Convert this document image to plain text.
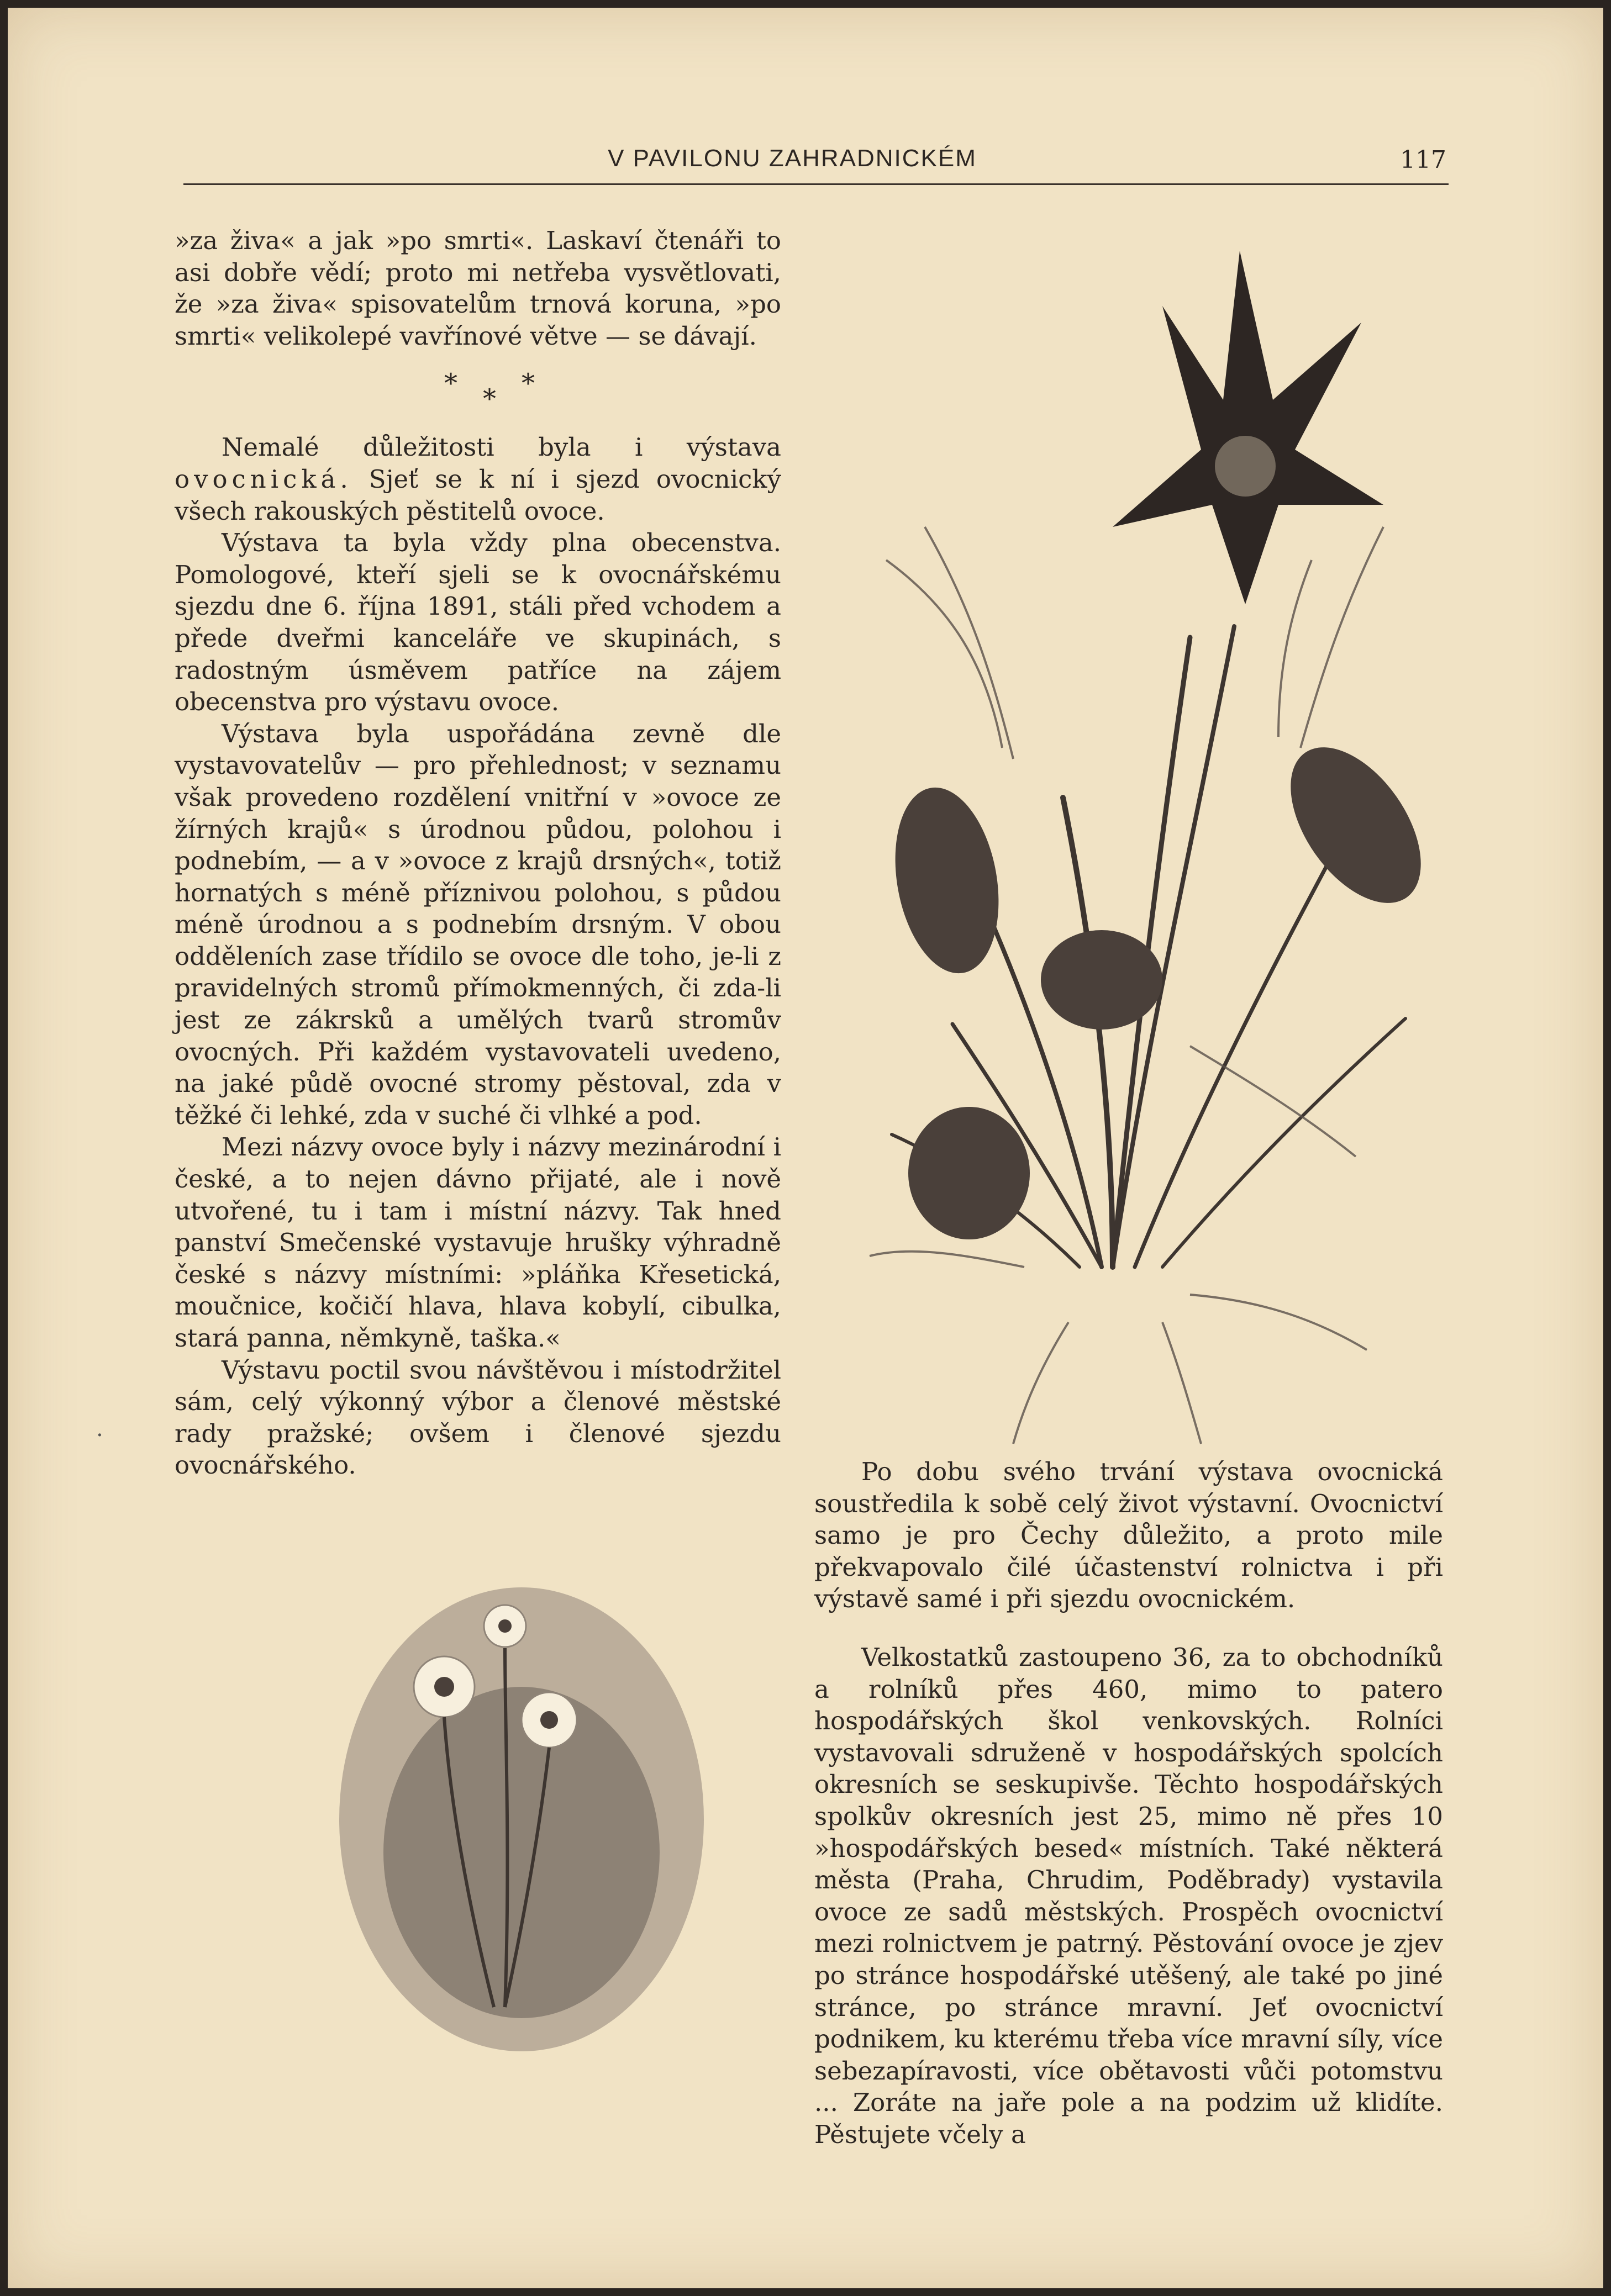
V PAVILONU ZAHRADNICKÉM	117

»za živa« a jak »po smrti«. Laskaví čtenáři to asi dobře vědí; proto mi netřeba vysvětlovati, že »za živa« spisovatelům trnová koruna, »po smrti« velikolepé vavřínové větve — se dávají.

Nemalé důležitosti byla i výstava ovocnická. Sjeť se k ní i sjezd ovocnický všech rakouských pěstitelů ovoce.

Výstava ta byla vždy plna obecenstva. Pomologové, kteří sjeli se k ovocnářskému sjezdu dne 6. října 1891, stáli před vchodem a přede dveřmi kanceláře ve skupinách, s radostným úsměvem patříce na zájem obecenstva pro výstavu ovoce.

Výstava byla uspořádána zevně dle vystavovatelův — pro přehlednost; v seznamu však provedeno rozdělení vnitřní v »ovoce ze žírných krajů« s úrodnou půdou, polohou i podnebím, — a v »ovoce z krajů drsných«, totiž hornatých s méně příznivou polohou, s půdou méně úrodnou a s podnebím drsným. V obou odděleních zase třídilo se ovoce dle toho, je-li z pravidelných stromů přímokmenných, či zda-li jest ze zákrsků a umělých tvarů stromův ovocných. Při každém vystavovateli uvedeno, na jaké půdě ovocné stromy pěstoval, zda v těžké či lehké, zda v suché či vlhké a pod.

Mezi názvy ovoce byly i názvy mezinárodní i české, a to nejen dávno přijaté, ale i nově utvořené, tu i tam i místní názvy. Tak hned panství Smečenské vystavuje hrušky výhradně české s názvy místními: »pláňka Křesetická, moučnice, kočičí hlava, hlava kobylí, cibulka, stará panna, němkyně, taška.«

Výstavu poctil svou návštěvou i místodržitel sám, celý výkonný výbor a členové městské rady pražské; ovšem i členové sjezdu ovocnářského.

* * *

Po dobu svého trvání výstava ovocnická soustředila k sobě celý život výstavní. Ovocnictví samo je pro Čechy důležito, a proto mile překvapovalo čilé účastenství rolnictva i při výstavě samé i při sjezdu ovocnickém.

Velkostatků zastoupeno 36, za to obchodníků a rolníků přes 460, mimo to patero hospodářských škol venkovských. Rolníci vystavovali sdruženě v hospodářských spolcích okresních se seskupivše. Těchto hospodářských spolkův okresních jest 25, mimo ně přes 10 »hospodářských besed« místních. Také některá města (Praha, Chrudim, Poděbrady) vystavila ovoce ze sadů městských. Prospěch ovocnictví mezi rolnictvem je patrný. Pěstování ovoce je zjev po stránce hospodářské utěšený, ale také po jiné stránce, po stránce mravní. Jeť ovocnictví podnikem, ku kterému třeba více mravní síly, více sebezapíravosti, více obětavosti vůči potomstvu ... Zoráte na jaře pole a na podzim už klidíte. Pěstujete včely a

.
